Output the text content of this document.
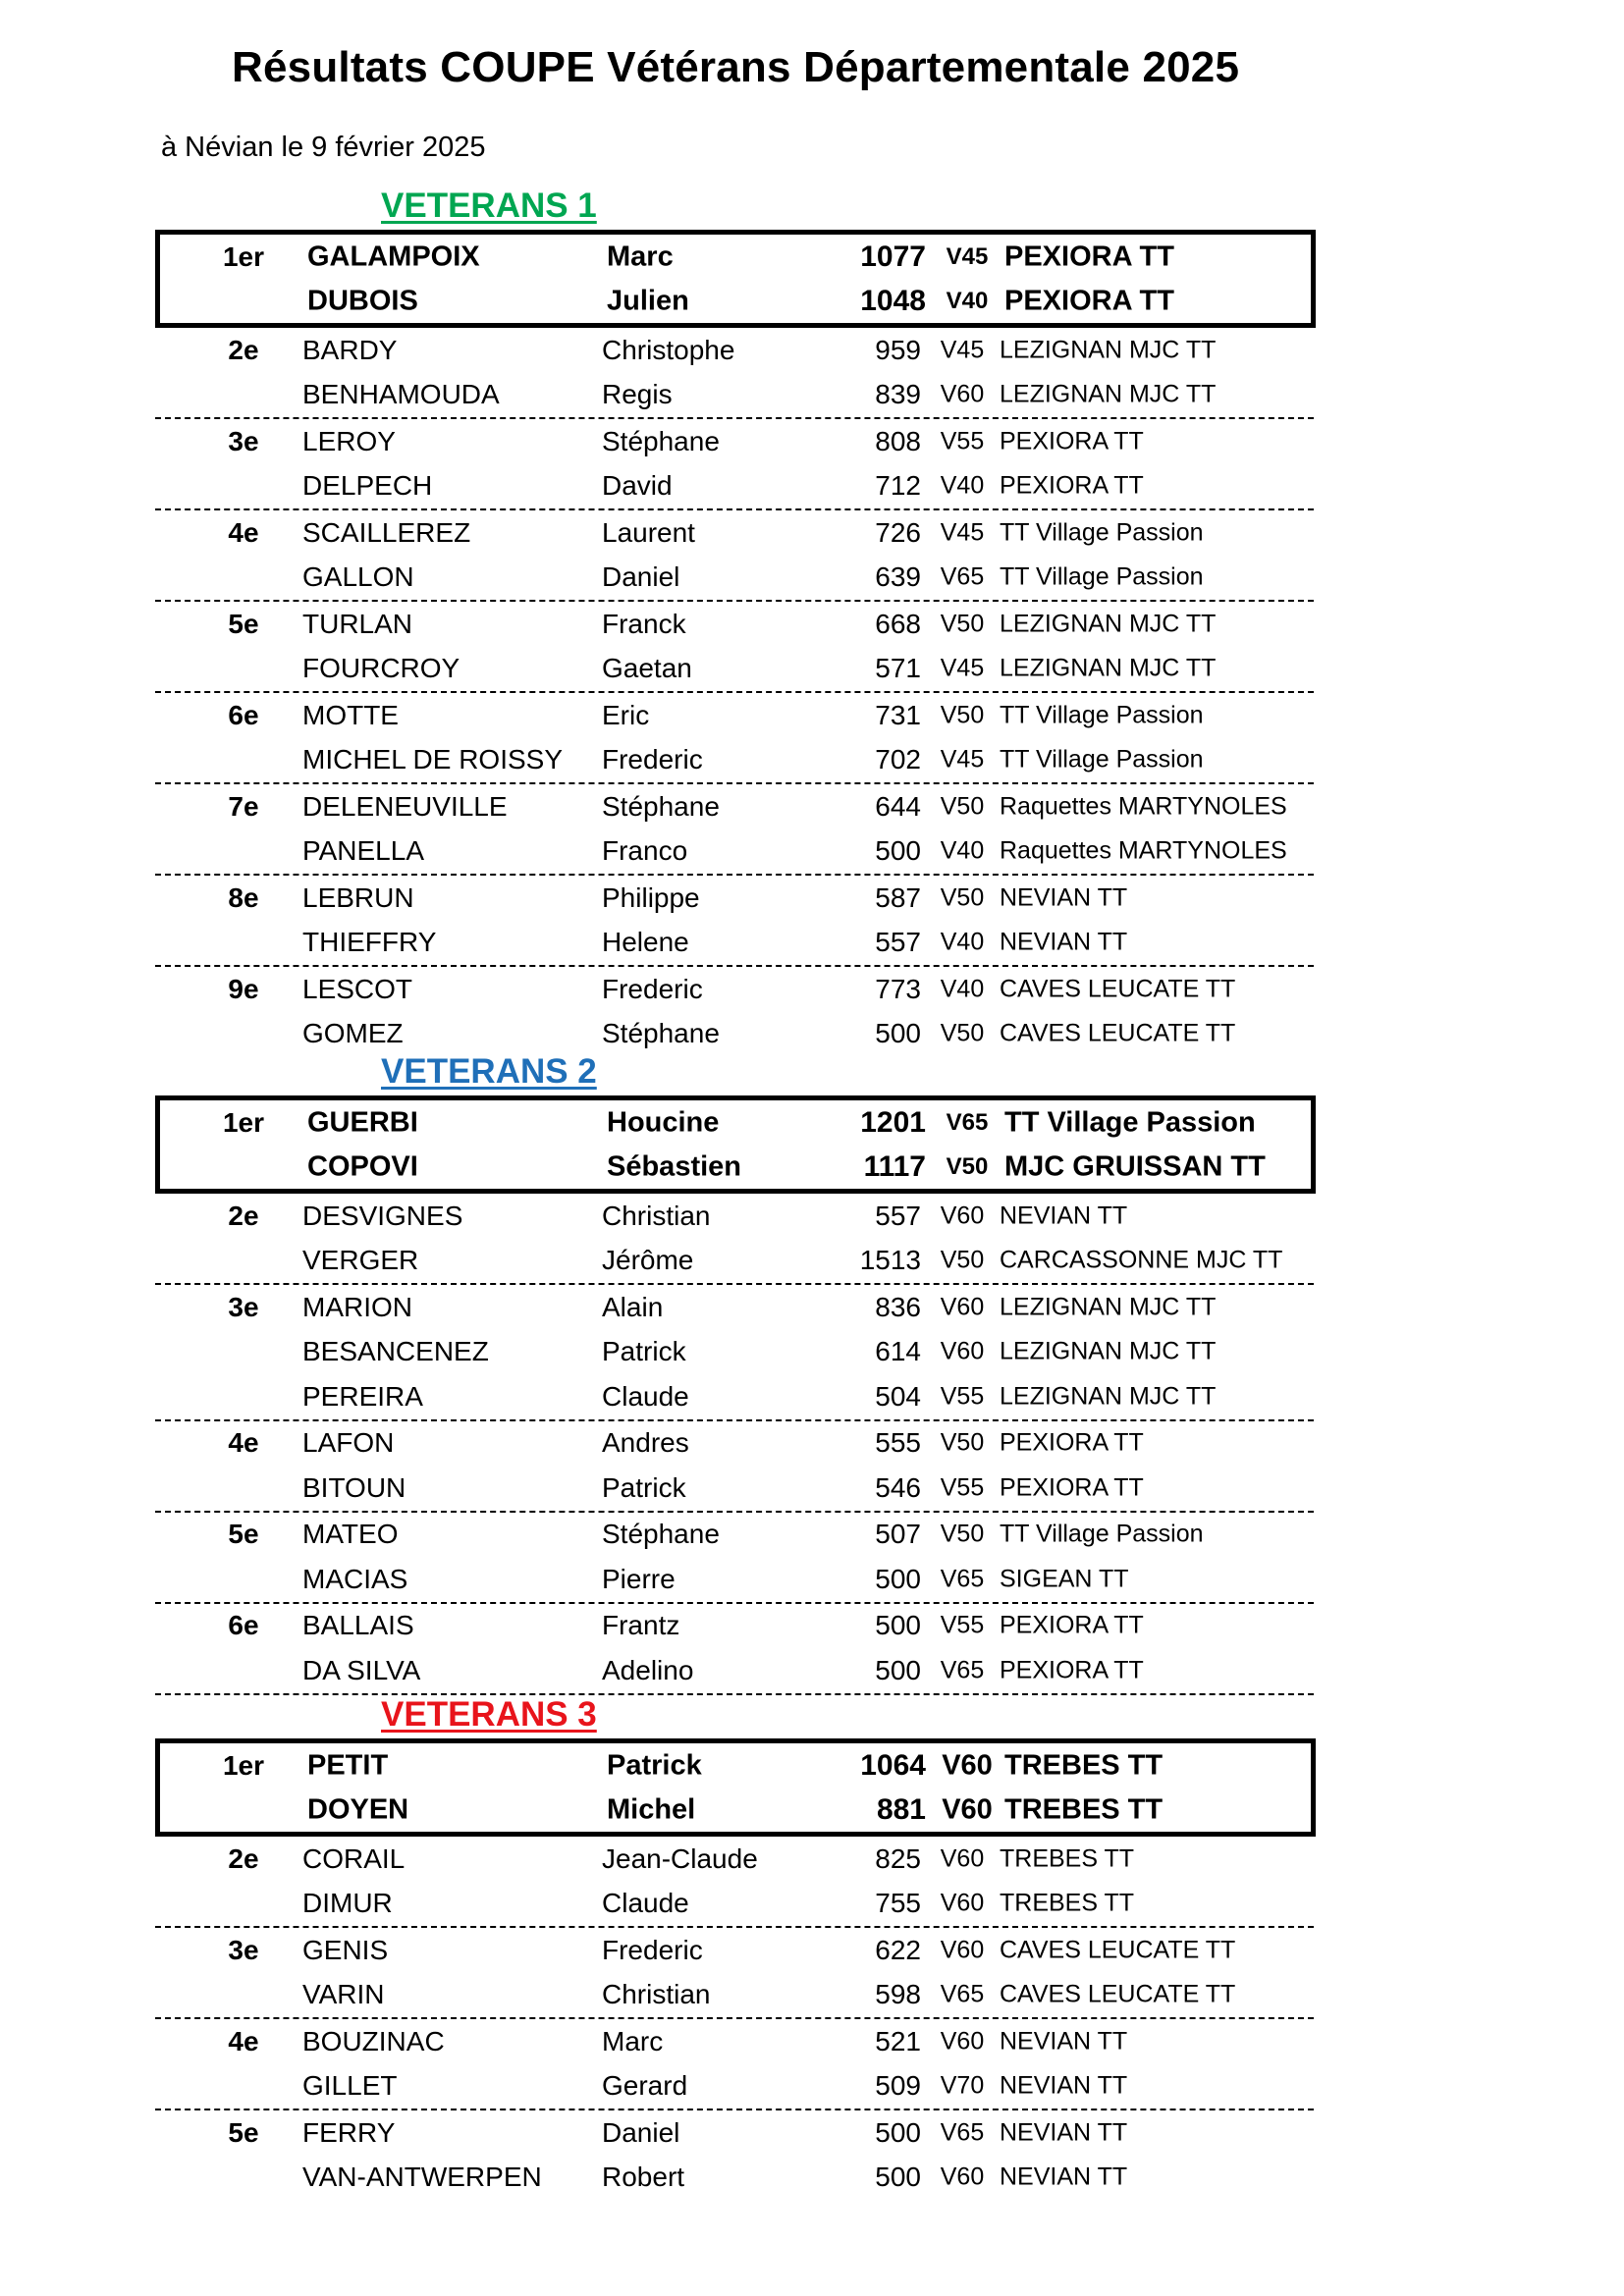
Résultats COUPE Vétérans Départementale 2025
à Névian le 9 février 2025
VETERANS 1
1er	GALAMPOIX	Marc	1077 V45 PEXIORA TT
DUBOIS	Julien	1048 V40 PEXIORA TT
2e	BARDY	Christophe	959 V45 LEZIGNAN MJC TT
BENHAMOUDA	Regis	839 V60 LEZIGNAN MJC TT
3e	LEROY	Stéphane	808 V55 PEXIORA TT
DELPECH	David	712 V40 PEXIORA TT
4e	SCAILLEREZ	Laurent	726 V45 TT Village Passion
GALLON	Daniel	639 V65 TT Village Passion
5e	TURLAN	Franck	668 V50 LEZIGNAN MJC TT
FOURCROY	Gaetan	571 V45 LEZIGNAN MJC TT
6e	MOTTE	Eric	731 V50 TT Village Passion
MICHEL DE ROISSY Frederic	702 V45 TT Village Passion
7e	DELENEUVILLE	Stéphane	644 V50 Raquettes MARTYNOLES
PANELLA	Franco	500 V40 Raquettes MARTYNOLES
8e	LEBRUN	Philippe	587 V50 NEVIAN TT
THIEFFRY	Helene	557 V40 NEVIAN TT
9e	LESCOT	Frederic	773 V40 CAVES LEUCATE TT
GOMEZ	Stéphane	500 V50 CAVES LEUCATE TT
VETERANS 2
1er	GUERBI	Houcine	1201 V65 TT Village Passion
COPOVI	Sébastien	1117 V50 MJC GRUISSAN TT
2e	DESVIGNES	Christian	557 V60 NEVIAN TT
VERGER	Jérôme	1513 V50 CARCASSONNE MJC TT
3e	MARION	Alain	836 V60 LEZIGNAN MJC TT
BESANCENEZ	Patrick	614 V60 LEZIGNAN MJC TT
PEREIRA	Claude	504 V55 LEZIGNAN MJC TT
4e	LAFON	Andres	555 V50 PEXIORA TT
BITOUN	Patrick	546 V55 PEXIORA TT
5e	MATEO	Stéphane	507 V50 TT Village Passion
MACIAS	Pierre	500 V65 SIGEAN TT
6e	BALLAIS	Frantz	500 V55 PEXIORA TT
DA SILVA	Adelino	500 V65 PEXIORA TT
VETERANS 3
1er	PETIT	Patrick	1064 V60 TREBES TT
DOYEN	Michel	881 V60 TREBES TT
2e	CORAIL	Jean-Claude	825 V60 TREBES TT
DIMUR	Claude	755 V60 TREBES TT
3e	GENIS	Frederic	622 V60 CAVES LEUCATE TT
VARIN	Christian	598 V65 CAVES LEUCATE TT
4e	BOUZINAC	Marc	521 V60 NEVIAN TT
GILLET	Gerard	509 V70 NEVIAN TT
5e	FERRY	Daniel	500 V65 NEVIAN TT
VAN-ANTWERPEN Robert	500 V60 NEVIAN TT
